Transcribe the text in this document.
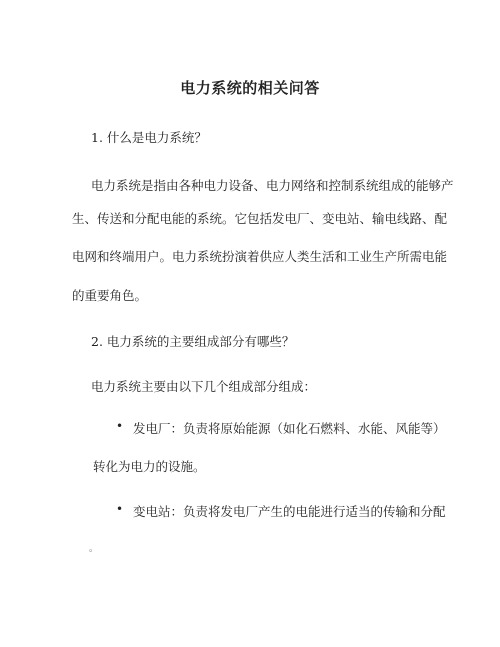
电力系统的相关问答
1. 什么是电力系统？
电力系统是指由各种电力设备、电力网络和控制系统组成的能够产
生、传送和分配电能的系统。它包括发电厂、变电站、输电线路、配
电网和终端用户。电力系统扮演着供应人类生活和工业生产所需电能
的重要角色。
2. 电力系统的主要组成部分有哪些？
电力系统主要由以下几个组成部分组成：
• 发电厂：负责将原始能源（如化石燃料、水能、风能等）
转化为电力的设施。
• 变电站：负责将发电厂产生的电能进行适当的传输和分配
。
